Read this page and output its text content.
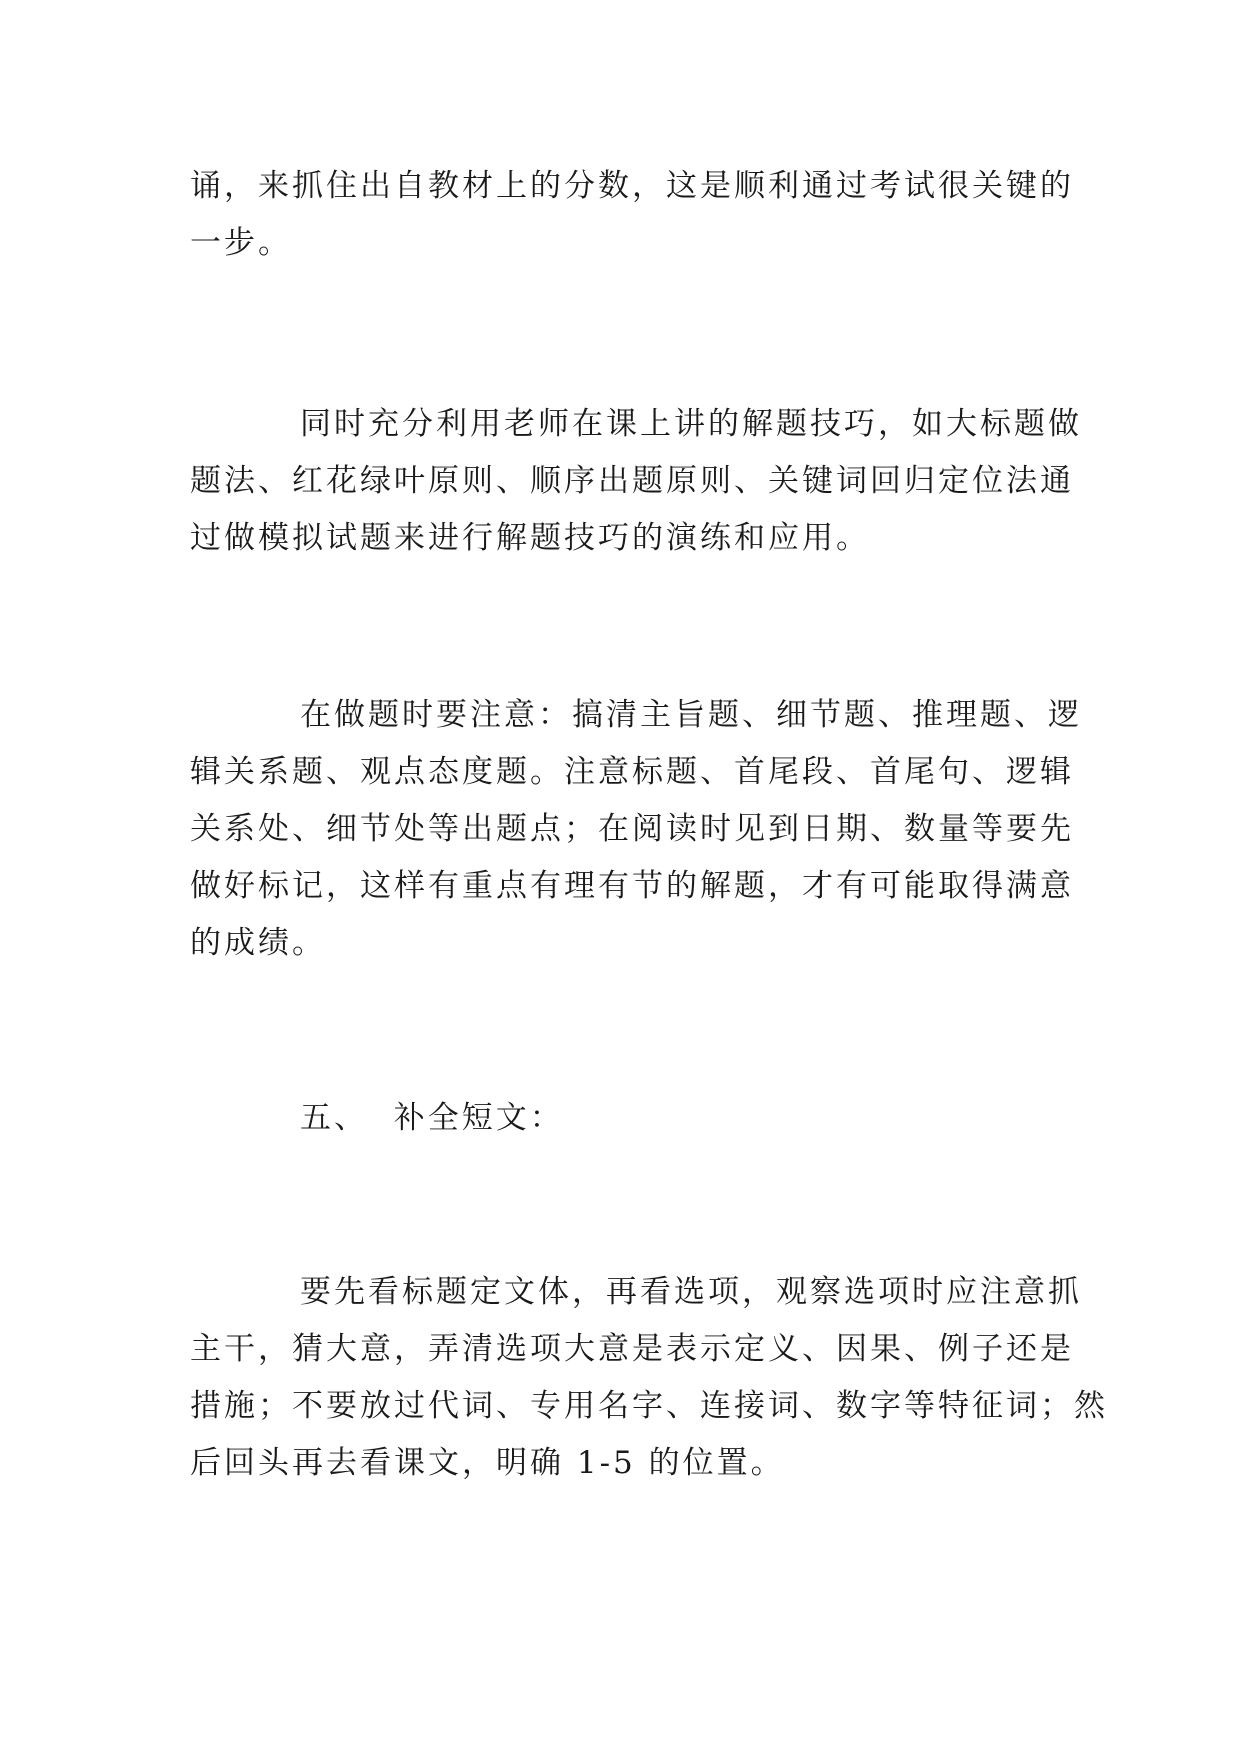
诵，来抓住出自教材上的分数，这是顺利通过考试很关键的
一步。
同时充分利用老师在课上讲的解题技巧，如大标题做
题法、红花绿叶原则、顺序出题原则、关键词回归定位法通
过做模拟试题来进行解题技巧的演练和应用。
在做题时要注意：搞清主旨题、细节题、推理题、逻
辑关系题、观点态度题。注意标题、首尾段、首尾句、逻辑
关系处、细节处等出题点；在阅读时见到日期、数量等要先
做好标记，这样有重点有理有节的解题，才有可能取得满意
的成绩。
五、  补全短文：
要先看标题定文体，再看选项，观察选项时应注意抓
主干，猜大意，弄清选项大意是表示定义、因果、例子还是
措施；不要放过代词、专用名字、连接词、数字等特征词；然
后回头再去看课文，明确 1-5 的位置。
